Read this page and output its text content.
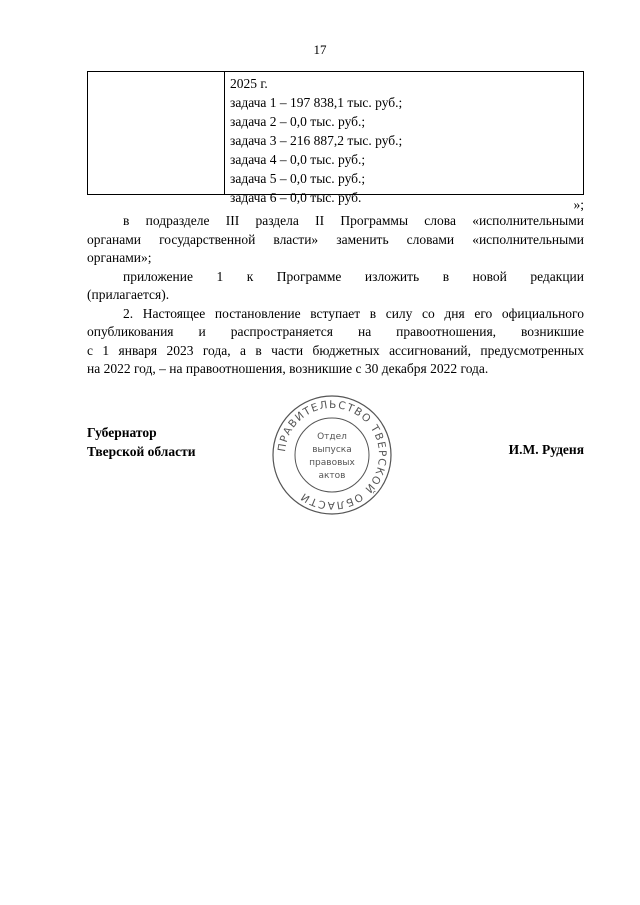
17
2025 г.
задача 1 – 197 838,1 тыс. руб.;
задача 2 – 0,0 тыс. руб.;
задача 3 – 216 887,2 тыс. руб.;
задача 4 – 0,0 тыс. руб.;
задача 5 – 0,0 тыс. руб.;
задача 6 – 0,0 тыс. руб.	»;

в подразделе III раздела II Программы слова «исполнительными
органами государственной власти» заменить словами «исполнительными
органами»;

приложение 1 к Программе изложить в новой редакции
(прилагается).

2. Настоящее постановление вступает в силу со дня его официального
опубликования и распространяется на правоотношения, возникшие
с 1 января 2023 года, а в части бюджетных ассигнований, предусмотренных
на 2022 год, – на правоотношения, возникшие с 30 декабря 2022 года.

Губернатор
Тверской области	И.М. Руденя
ПРАВИТЕЛЬСТВО ТВЕРСКОЙ ОБЛАСТИ
Отдел
выпуска
правовых
актов
